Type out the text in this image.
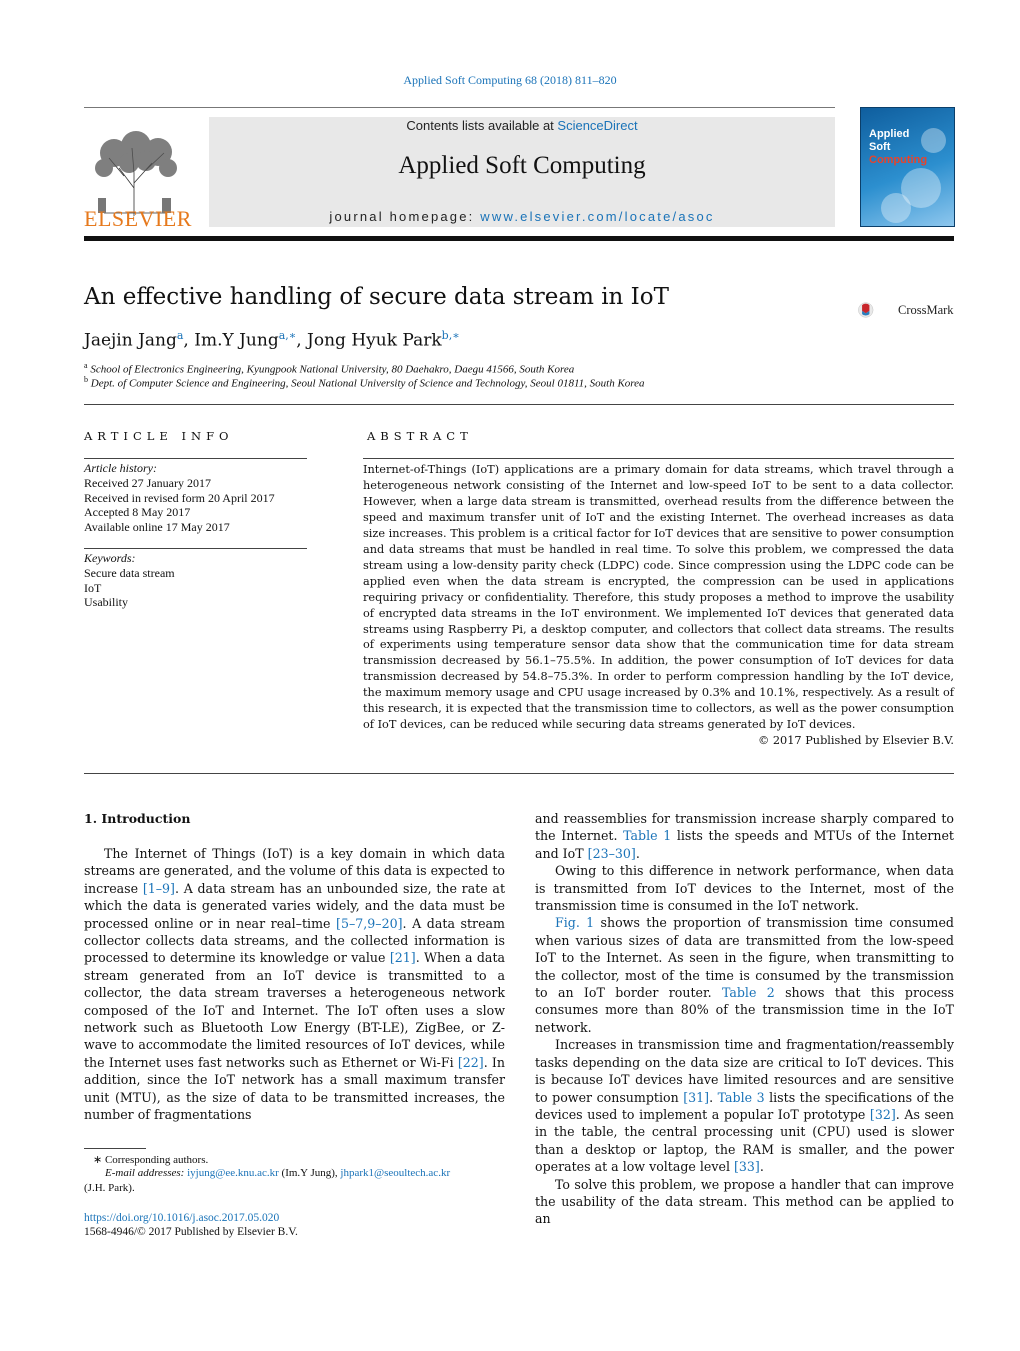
Applied Soft Computing 68 (2018) 811–820
ELSEVIER
Contents lists available at ScienceDirect
Applied Soft Computing
journal homepage: www.elsevier.com/locate/asoc
Applied
Soft
Computing
An effective handling of secure data stream in IoT	CrossMark
Jaejin Jang$^a$, Im.Y Jung$^{a,∗}$, Jong Hyuk Park$^{b,∗}$
$^a$ School of Electronics Engineering, Kyungpook National University, 80 Daehakro, Daegu 41566, South Korea
$^b$ Dept. of Computer Science and Engineering, Seoul National University of Science and Technology, Seoul 01811, South Korea
ARTICLE INFO
Article history:
Received 27 January 2017
Received in revised form 20 April 2017
Accepted 8 May 2017
Available online 17 May 2017
Keywords:
Secure data stream
IoT
Usability
ABSTRACT
Internet-of-Things (IoT) applications are a primary domain for data streams, which travel through a heterogeneous network consisting of the Internet and low-speed IoT to be sent to a data collector. However, when a large data stream is transmitted, overhead results from the difference between the speed and maximum transfer unit of IoT and the existing Internet. The overhead increases as data size increases. This problem is a critical factor for IoT devices that are sensitive to power consumption and data streams that must be handled in real time. To solve this problem, we compressed the data stream using a low-density parity check (LDPC) code. Since compression using the LDPC code can be applied even when the data stream is encrypted, the compression can be used in applications requiring privacy or confidentiality. Therefore, this study proposes a method to improve the usability of encrypted data streams in the IoT environment. We implemented IoT devices that generated data streams using Raspberry Pi, a desktop computer, and collectors that collect data streams. The results of experiments using temperature sensor data show that the communication time for data stream transmission decreased by 56.1–75.5%. In addition, the power consumption of IoT devices for data transmission decreased by 54.8–75.3%. In order to perform compression handling by the IoT device, the maximum memory usage and CPU usage increased by 0.3% and 10.1%, respectively. As a result of this research, it is expected that the transmission time to collectors, as well as the power consumption of IoT devices, can be reduced while securing data streams generated by IoT devices.
© 2017 Published by Elsevier B.V.
1. Introduction

The Internet of Things (IoT) is a key domain in which data streams are generated, and the volume of this data is expected to increase [1–9]. A data stream has an unbounded size, the rate at which the data is generated varies widely, and the data must be processed online or in near real–time [5–7,9–20]. A data stream collector collects data streams, and the collected information is processed to determine its knowledge or value [21]. When a data stream generated from an IoT device is transmitted to a collector, the data stream traverses a heterogeneous network composed of the IoT and Internet. The IoT often uses a slow network such as Bluetooth Low Energy (BT-LE), ZigBee, or Z-wave to accommodate the limited resources of IoT devices, while the Internet uses fast networks such as Ethernet or Wi-Fi [22]. In addition, since the IoT network has a small maximum transfer unit (MTU), as the size of data to be transmitted increases, the number of fragmentations

and reassemblies for transmission increase sharply compared to the Internet. Table 1 lists the speeds and MTUs of the Internet and IoT [23–30].

Owing to this difference in network performance, when data is transmitted from IoT devices to the Internet, most of the transmission time is consumed in the IoT network.

Fig. 1 shows the proportion of transmission time consumed when various sizes of data are transmitted from the low-speed IoT to the Internet. As seen in the figure, when transmitting to the collector, most of the time is consumed by the transmission to an IoT border router. Table 2 shows that this process consumes more than 80% of the transmission time in the IoT network.

Increases in transmission time and fragmentation/reassembly tasks depending on the data size are critical to IoT devices. This is because IoT devices have limited resources and are sensitive to power consumption [31]. Table 3 lists the specifications of the devices used to implement a popular IoT prototype [32]. As seen in the table, the central processing unit (CPU) used is slower than a desktop or laptop, the RAM is smaller, and the power operates at a low voltage level [33].

To solve this problem, we propose a handler that can improve the usability of the data stream. This method can be applied to an

∗ Corresponding authors.
E-mail addresses: iyjung@ee.knu.ac.kr (Im.Y Jung), jhpark1@seoultech.ac.kr
(J.H. Park).
https://doi.org/10.1016/j.asoc.2017.05.020
1568-4946/© 2017 Published by Elsevier B.V.
